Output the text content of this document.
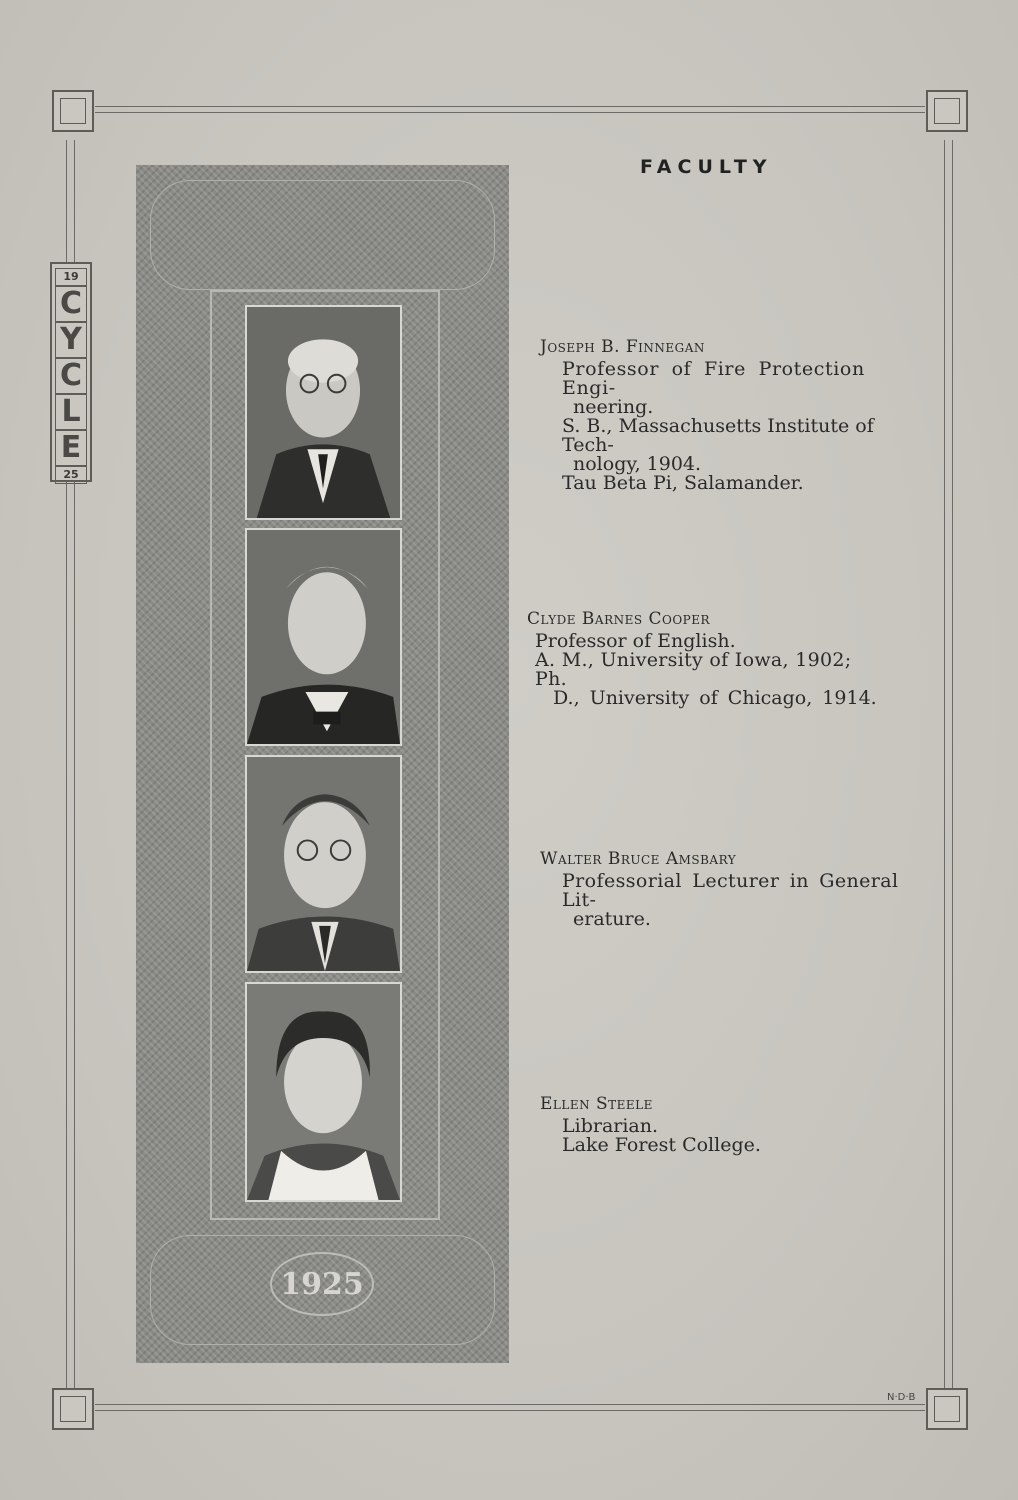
19
C
Y
C
L
E
25
1925
FACULTY
Joseph B. Finnegan
Professor of Fire Protection Engi-
neering.
S. B., Massachusetts Institute of Tech-
nology, 1904.
Tau Beta Pi, Salamander.
Clyde Barnes Cooper
Professor of English.
A. M., University of Iowa, 1902; Ph.
D., University of Chicago, 1914.
Walter Bruce Amsbary
Professorial Lecturer in General Lit-
erature.
Ellen Steele
Librarian.
Lake Forest College.
N·D·B
